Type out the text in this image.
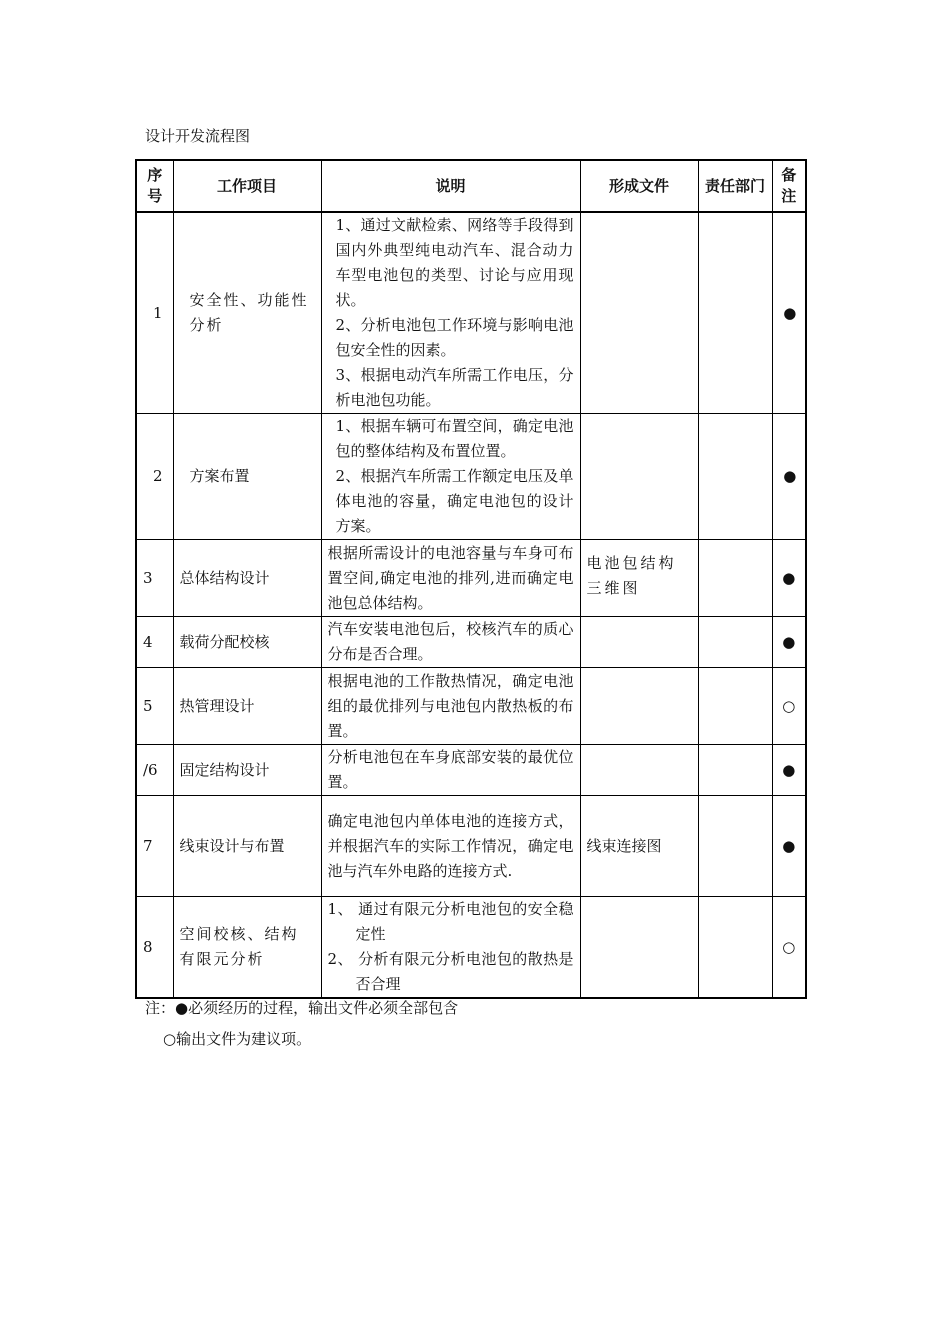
设计开发流程图
序号	工作项目	说明	形成文件	责任部门	备注
1	安全性、功能性分析	1、通过文献检索、网络等手段得到国内外典型纯电动汽车、混合动力车型电池包的类型、讨论与应用现状。
2、分析电池包工作环境与影响电池包安全性的因素。
3、根据电动汽车所需工作电压，分析电池包功能。			●
2	方案布置	1、根据车辆可布置空间，确定电池包的整体结构及布置位置。
2、根据汽车所需工作额定电压及单体电池的容量，确定电池包的设计方案。			●
3	总体结构设计	根据所需设计的电池容量与车身可布置空间,确定电池的排列,进而确定电池包总体结构。	电池包结构三维图		●
4	载荷分配校核	汽车安装电池包后，校核汽车的质心分布是否合理。			●
5	热管理设计	根据电池的工作散热情况，确定电池组的最优排列与电池包内散热板的布置。			○
/6	固定结构设计	分析电池包在车身底部安装的最优位置。			●
7	线束设计与布置	确定电池包内单体电池的连接方式，并根据汽车的实际工作情况，确定电池与汽车外电路的连接方式.	线束连接图		●
8	空间校核、结构有限元分析	1、 通过有限元分析电池包的安全稳定性
2、 分析有限元分析电池包的散热是否合理			○
注：●必须经历的过程，输出文件必须全部包含
○输出文件为建议项。
